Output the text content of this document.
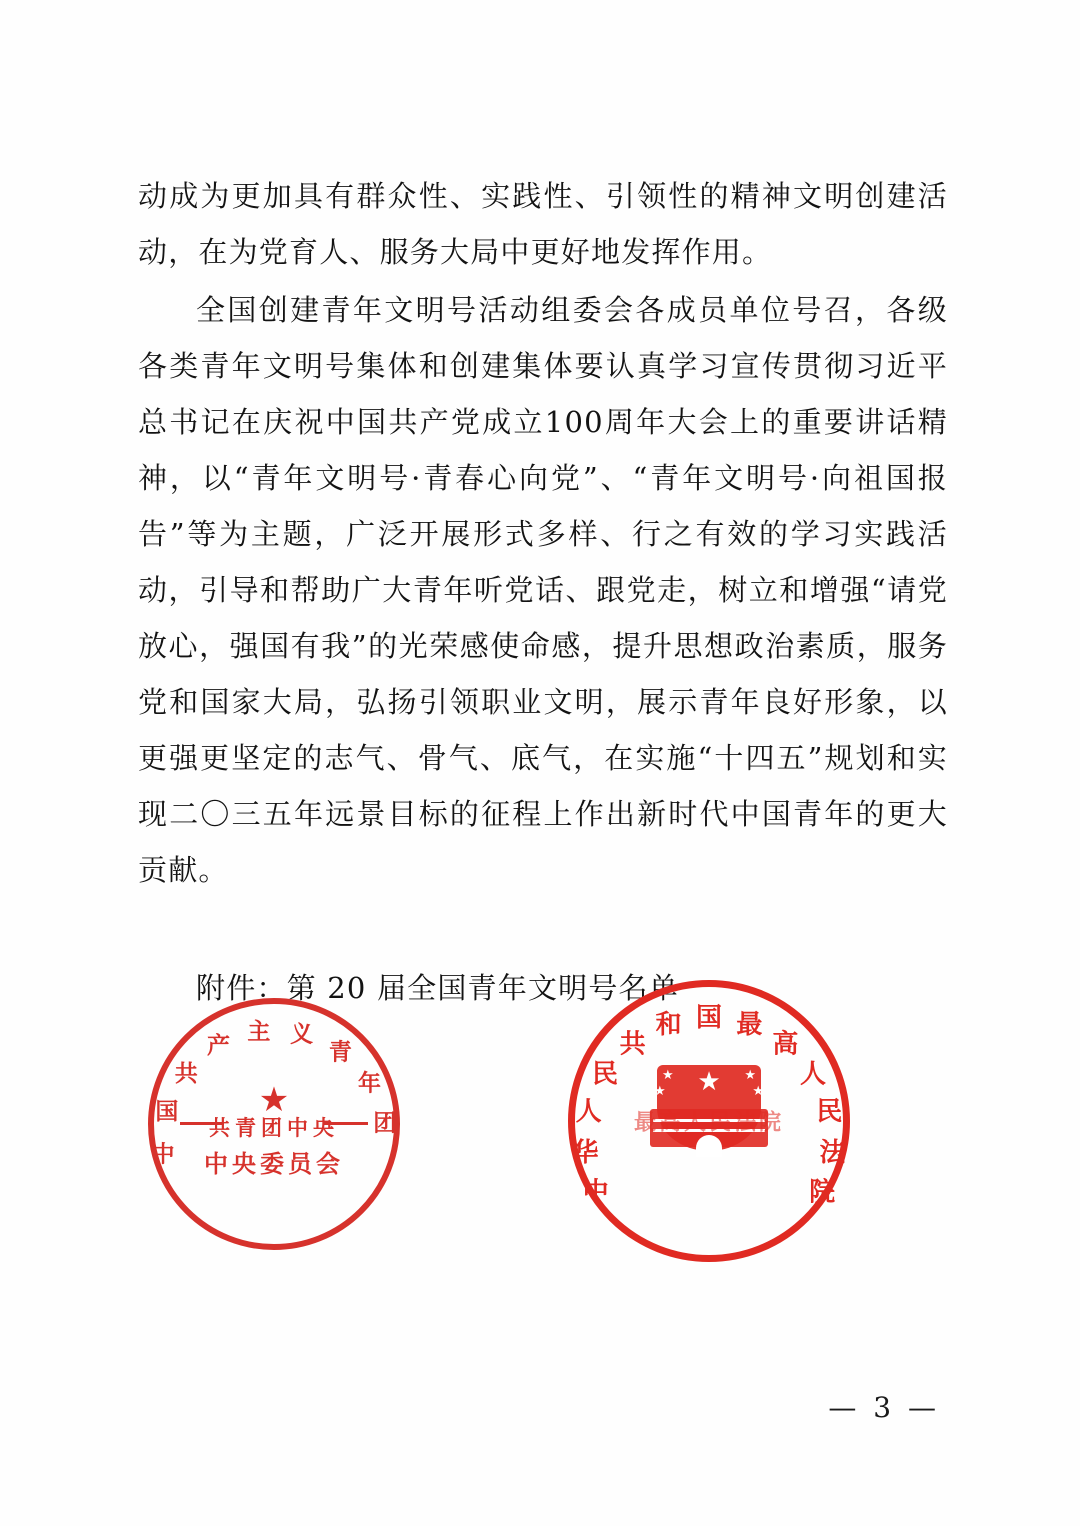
动成为更加具有群众性、实践性、引领性的精神文明创建活动，在为党育人、服务大局中更好地发挥作用。

全国创建青年文明号活动组委会各成员单位号召，各级各类青年文明号集体和创建集体要认真学习宣传贯彻习近平总书记在庆祝中国共产党成立100周年大会上的重要讲话精神，以“青年文明号·青春心向党”、“青年文明号·向祖国报告”等为主题，广泛开展形式多样、行之有效的学习实践活动，引导和帮助广大青年听党话、跟党走，树立和增强“请党放心，强国有我”的光荣感使命感，提升思想政治素质，服务党和国家大局，弘扬引领职业文明，展示青年良好形象，以更强更坚定的志气、骨气、底气，在实施“十四五”规划和实现二〇三五年远景目标的征程上作出新时代中国青年的更大贡献。

附件：第 20 届全国青年文明号名单

中
国
共
产
主 义
青
年
团
★
共青团中央
中央委员会
中
华
人
民
共
和 国 最
高
人
民
法
院
★
★
★
★
★
最高人民法院
— 3 —
